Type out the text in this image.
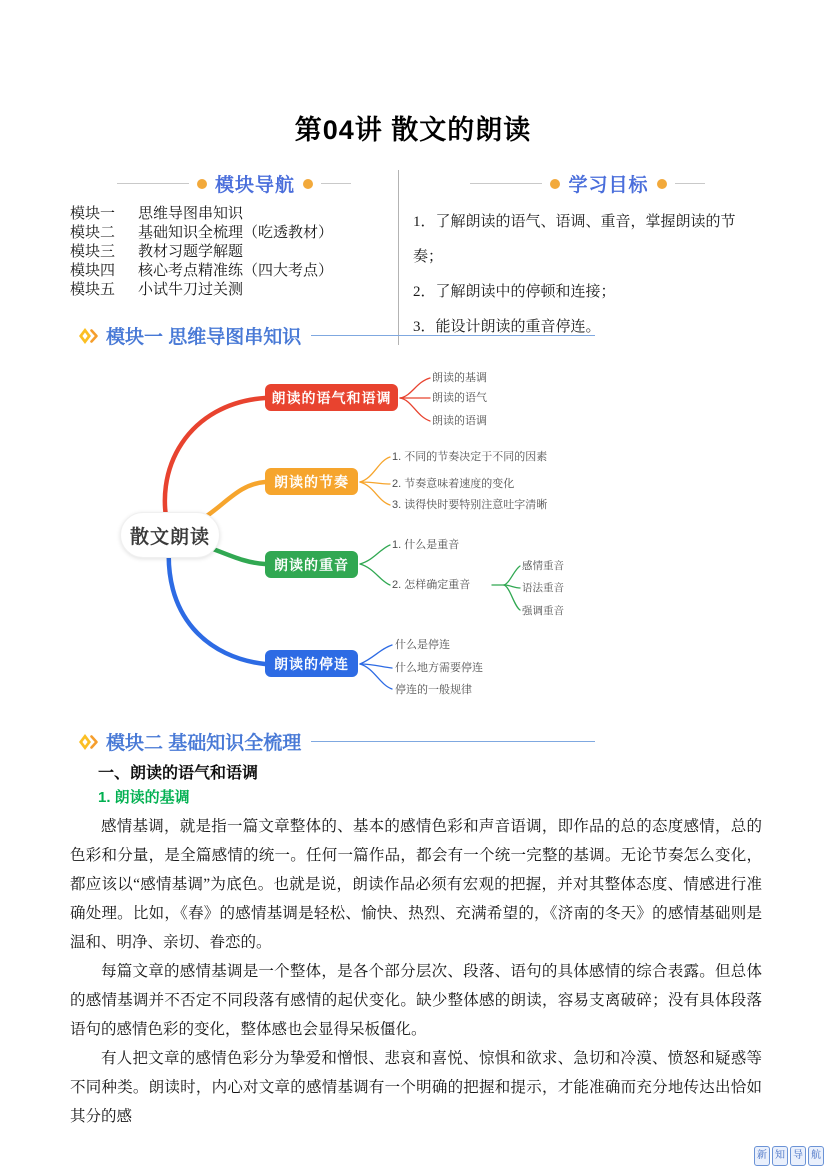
第04讲 散文的朗读
模块导航
模块一	思维导图串知识
模块二	基础知识全梳理（吃透教材）
模块三	教材习题学解题
模块四	核心考点精准练（四大考点）
模块五	小试牛刀过关测
学习目标
1．了解朗读的语气、语调、重音，掌握朗读的节奏；
2．了解朗读中的停顿和连接；
3．能设计朗读的重音停连。
模块一 思维导图串知识
散文朗读
朗读的语气和语调
朗读的节奏
朗读的重音
朗读的停连
朗读的基调
朗读的语气
朗读的语调
1. 不同的节奏决定于不同的因素
2. 节奏意味着速度的变化
3. 读得快时要特别注意吐字清晰
1. 什么是重音
2. 怎样确定重音
感情重音
语法重音
强调重音
什么是停连
什么地方需要停连
停连的一般规律
模块二 基础知识全梳理
一、朗读的语气和语调
1. 朗读的基调

感情基调，就是指一篇文章整体的、基本的感情色彩和声音语调，即作品的总的态度感情，总的色彩和分量，是全篇感情的统一。任何一篇作品，都会有一个统一完整的基调。无论节奏怎么变化，都应该以“感情基调”为底色。也就是说，朗读作品必须有宏观的把握，并对其整体态度、情感进行准确处理。比如，《春》的感情基调是轻松、愉快、热烈、充满希望的，《济南的冬天》的感情基础则是温和、明净、亲切、眷恋的。

每篇文章的感情基调是一个整体，是各个部分层次、段落、语句的具体感情的综合表露。但总体的感情基调并不否定不同段落有感情的起伏变化。缺少整体感的朗读，容易支离破碎；没有具体段落语句的感情色彩的变化，整体感也会显得呆板僵化。

有人把文章的感情色彩分为挚爱和憎恨、悲哀和喜悦、惊惧和欲求、急切和冷漠、愤怒和疑惑等不同种类。朗读时，内心对文章的感情基调有一个明确的把握和提示，才能准确而充分地传达出恰如其分的感

新 知 导 航
